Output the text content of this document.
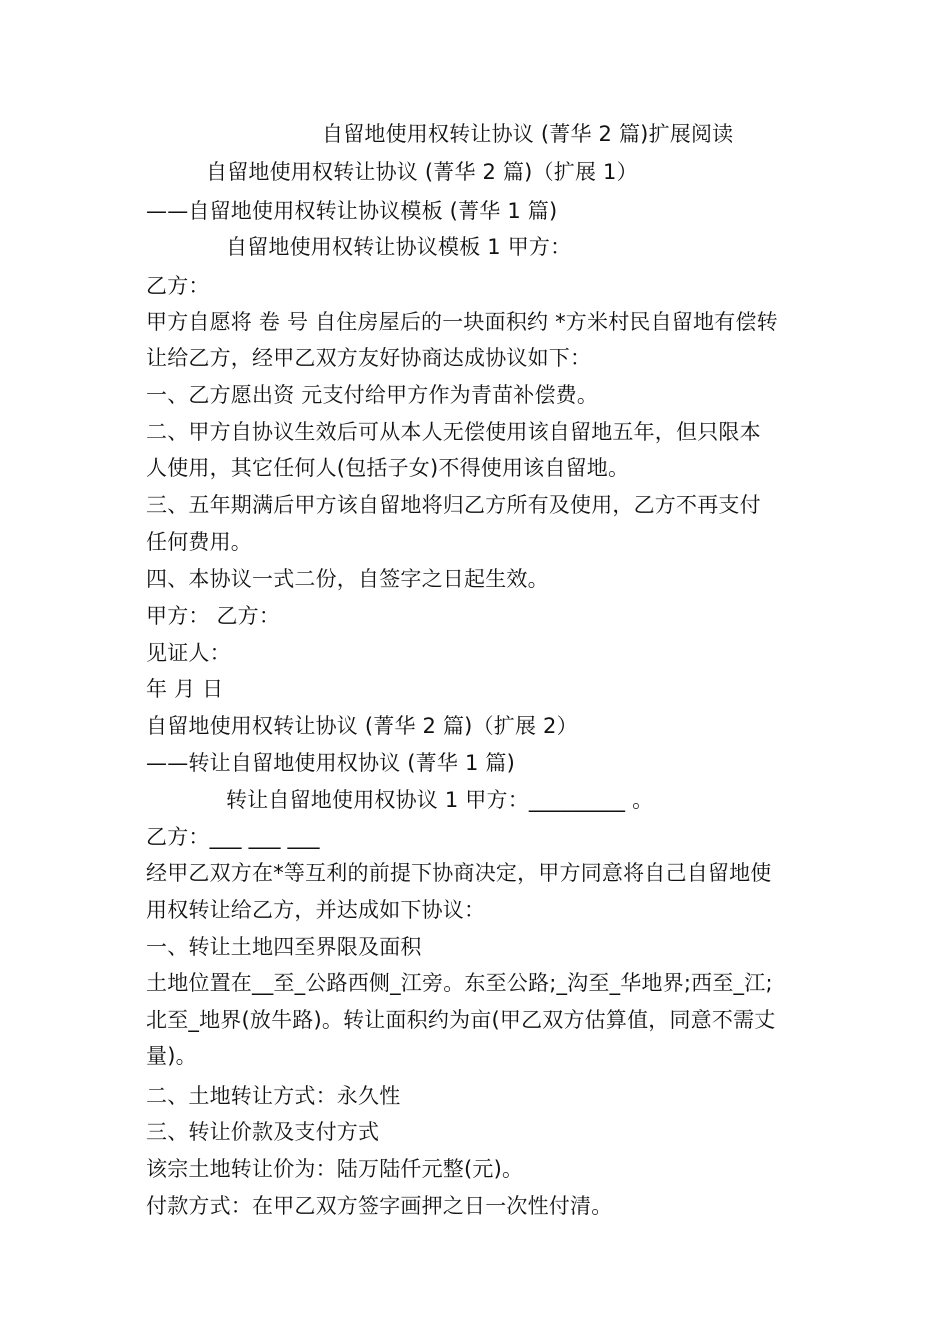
自留地使用权转让协议 (菁华 2 篇)扩展阅读
自留地使用权转让协议 (菁华 2 篇)（扩展 1）
——自留地使用权转让协议模板 (菁华 1 篇)
自留地使用权转让协议模板 1 甲方：
乙方：
甲方自愿将 卷 号 自住房屋后的一块面积约 *方米村民自留地有偿转
让给乙方，经甲乙双方友好协商达成协议如下：
一、乙方愿出资 元支付给甲方作为青苗补偿费。
二、甲方自协议生效后可从本人无偿使用该自留地五年，但只限本
人使用，其它任何人(包括子女)不得使用该自留地。
三、五年期满后甲方该自留地将归乙方所有及使用，乙方不再支付
任何费用。
四、本协议一式二份，自签字之日起生效。
甲方： 乙方：
见证人：
年 月 日
自留地使用权转让协议 (菁华 2 篇)（扩展 2）
——转让自留地使用权协议 (菁华 1 篇)
转让自留地使用权协议 1 甲方：_________ 。
乙方：___ ___ ___
经甲乙双方在*等互利的前提下协商决定，甲方同意将自己自留地使
用权转让给乙方，并达成如下协议：
一、转让土地四至界限及面积
土地位置在__至_公路西侧_江旁。东至公路;_沟至_华地界;西至_江;
北至_地界(放牛路)。转让面积约为亩(甲乙双方估算值，同意不需丈
量)。
二、土地转让方式：永久性
三、转让价款及支付方式
该宗土地转让价为：陆万陆仟元整(元)。
付款方式：在甲乙双方签字画押之日一次性付清。
